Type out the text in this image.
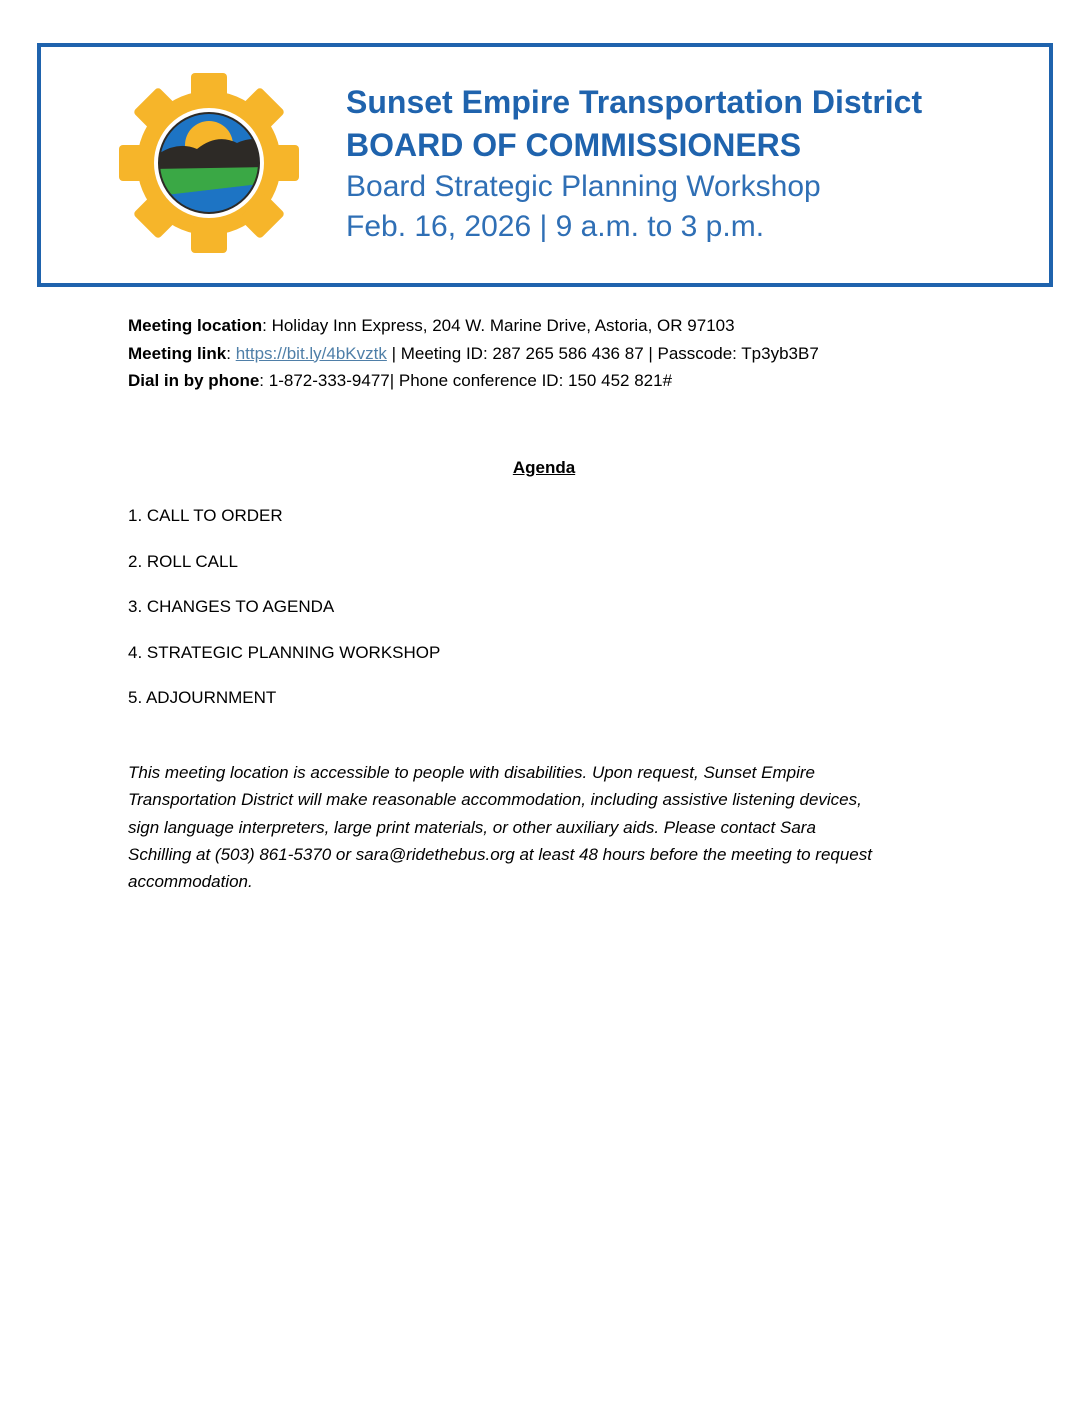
Sunset Empire Transportation District
BOARD OF COMMISSIONERS
Board Strategic Planning Workshop
Feb. 16, 2026 | 9 a.m. to 3 p.m.
Meeting location: Holiday Inn Express, 204 W. Marine Drive, Astoria, OR 97103
Meeting link: https://bit.ly/4bKvztk | Meeting ID: 287 265 586 436 87 | Passcode: Tp3yb3B7
Dial in by phone: 1-872-333-9477| Phone conference ID: 150 452 821#
Agenda
1. CALL TO ORDER
2. ROLL CALL
3. CHANGES TO AGENDA
4. STRATEGIC PLANNING WORKSHOP
5. ADJOURNMENT
This meeting location is accessible to people with disabilities. Upon request, Sunset Empire
Transportation District will make reasonable accommodation, including assistive listening devices,
sign language interpreters, large print materials, or other auxiliary aids. Please contact Sara
Schilling at (503) 861-5370 or sara@ridethebus.org at least 48 hours before the meeting to request
accommodation.
